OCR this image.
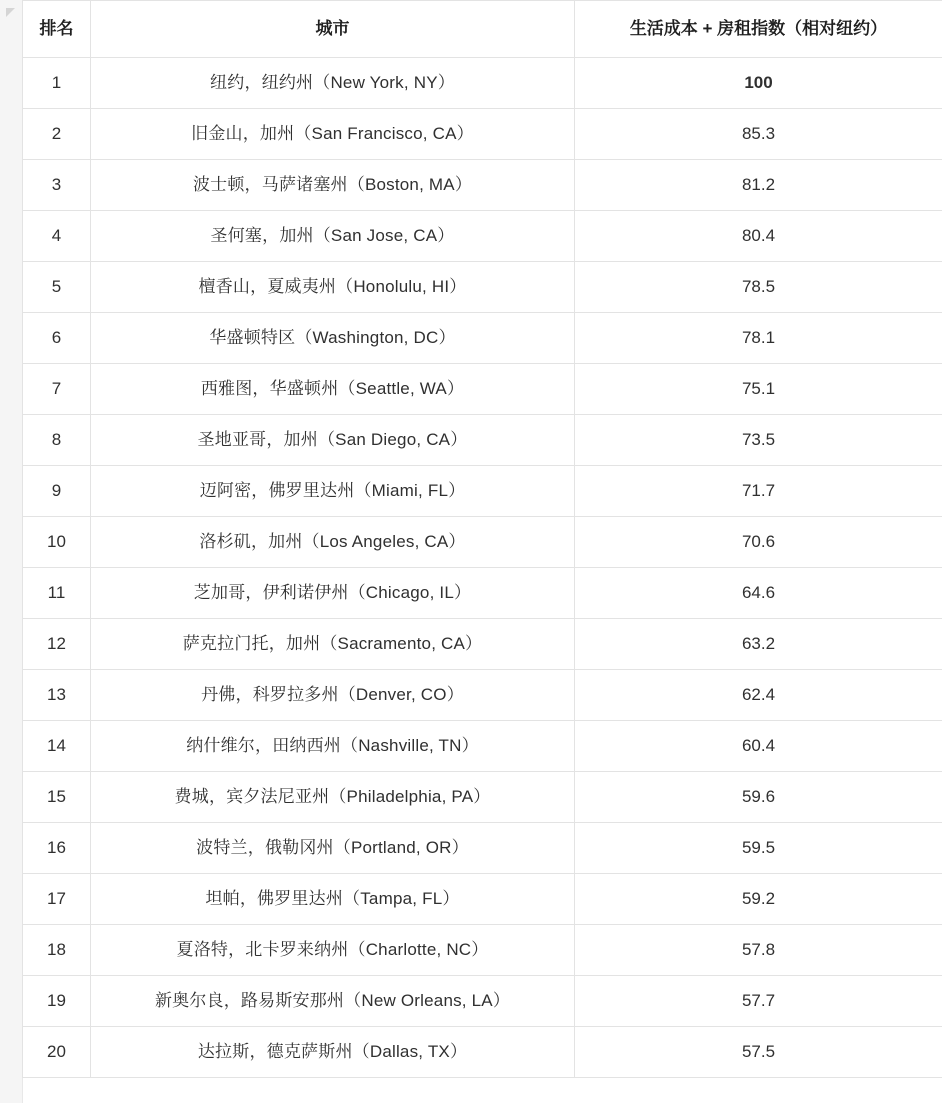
排名	城市	生活成本 + 房租指数（相对纽约）
1	纽约，纽约州（New York, NY）	100
2	旧金山，加州（San Francisco, CA）	85.3
3	波士顿，马萨诸塞州（Boston, MA）	81.2
4	圣何塞，加州（San Jose, CA）	80.4
5	檀香山，夏威夷州（Honolulu, HI）	78.5
6	华盛顿特区（Washington, DC）	78.1
7	西雅图，华盛顿州（Seattle, WA）	75.1
8	圣地亚哥，加州（San Diego, CA）	73.5
9	迈阿密，佛罗里达州（Miami, FL）	71.7
10	洛杉矶，加州（Los Angeles, CA）	70.6
11	芝加哥，伊利诺伊州（Chicago, IL）	64.6
12	萨克拉门托，加州（Sacramento, CA）	63.2
13	丹佛，科罗拉多州（Denver, CO）	62.4
14	纳什维尔，田纳西州（Nashville, TN）	60.4
15	费城，宾夕法尼亚州（Philadelphia, PA）	59.6
16	波特兰，俄勒冈州（Portland, OR）	59.5
17	坦帕，佛罗里达州（Tampa, FL）	59.2
18	夏洛特，北卡罗来纳州（Charlotte, NC）	57.8
19	新奥尔良，路易斯安那州（New Orleans, LA）	57.7
20	达拉斯，德克萨斯州（Dallas, TX）	57.5
